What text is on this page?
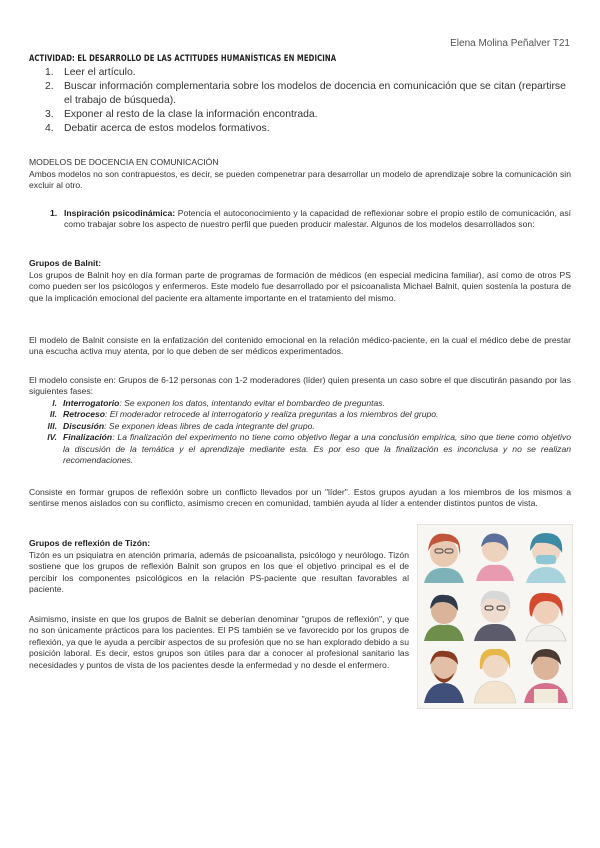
Elena Molina Peñalver T21
ACTIVIDAD: EL DESARROLLO DE LAS ACTITUDES HUMANÍSTICAS EN MEDICINA
1. Leer el artículo.
2. Buscar información complementaria sobre los modelos de docencia en comunicación que se citan (repartirse el trabajo de búsqueda).
3. Exponer al resto de la clase la información encontrada.
4. Debatir acerca de estos modelos formativos.
MODELOS DE DOCENCIA EN COMUNICACIÓN
Ambos modelos no son contrapuestos, es decir, se pueden compenetrar para desarrollar un modelo de aprendizaje sobre la comunicación sin excluir al otro.
1. Inspiración psicodinámica: Potencia el autoconocimiento y la capacidad de reflexionar sobre el propio estilo de comunicación, así como trabajar sobre los aspecto de nuestro perfil que pueden producir malestar. Algunos de los modelos desarrollados son:
Grupos de Balnit:
Los grupos de Balnit hoy en día forman parte de programas de formación de médicos (en especial medicina familiar), así como de otros PS como pueden ser los psicólogos y enfermeros. Este modelo fue desarrollado por el psicoanalista Michael Balnit, quien sostenía la postura de que la implicación emocional del paciente era altamente importante en el tratamiento del mismo.
El modelo de Balnit consiste en la enfatización del contenido emocional en la relación médico-paciente, en la cual el médico debe de prestar una escucha activa muy atenta, por lo que deben de ser médicos experimentados.
El modelo consiste en: Grupos de 6-12 personas con 1-2 moderadores (líder) quien presenta un caso sobre el que discutirán pasando por las siguientes fases:
I. Interrogatorio: Se exponen los datos, intentando evitar el bombardeo de preguntas.
II. Retroceso: El moderador retrocede al interrogatorio y realiza preguntas a los miembros del grupo.
III. Discusión: Se exponen ideas libres de cada integrante del grupo.
IV. Finalización: La finalización del experimento no tiene como objetivo llegar a una conclusión empírica, sino que tiene como objetivo la discusión de la temática y el aprendizaje mediante esta. Es por eso que la finalización es inconclusa y no se realizan recomendaciones.
Consiste en formar grupos de reflexión sobre un conflicto llevados por un "líder". Estos grupos ayudan a los miembros de los mismos a sentirse menos aislados con su conflicto, asimismo crecen en comunidad, también ayuda al líder a entender distintos puntos de vista.
Grupos de reflexión de Tizón:
Tizón es un psiquiatra en atención primaria, además de psicoanalista, psicólogo y neurólogo. Tizón sostiene que los grupos de reflexión Balnit son grupos en los que el objetivo principal es el de percibir los componentes psicológicos en la relación PS-paciente que resultan favorables al paciente.
Asimismo, insiste en que los grupos de Balnit se deberían denominar "grupos de reflexión", y que no son únicamente prácticos para los pacientes. El PS también se ve favorecido por los grupos de reflexión, ya que le ayuda a percibir aspectos de su profesión que no se han explorado debido a su posición laboral. Es decir, estos grupos son útiles para dar a conocer al profesional sanitario las necesidades y puntos de vista de los pacientes desde la enfermedad y no desde el enfermero.
